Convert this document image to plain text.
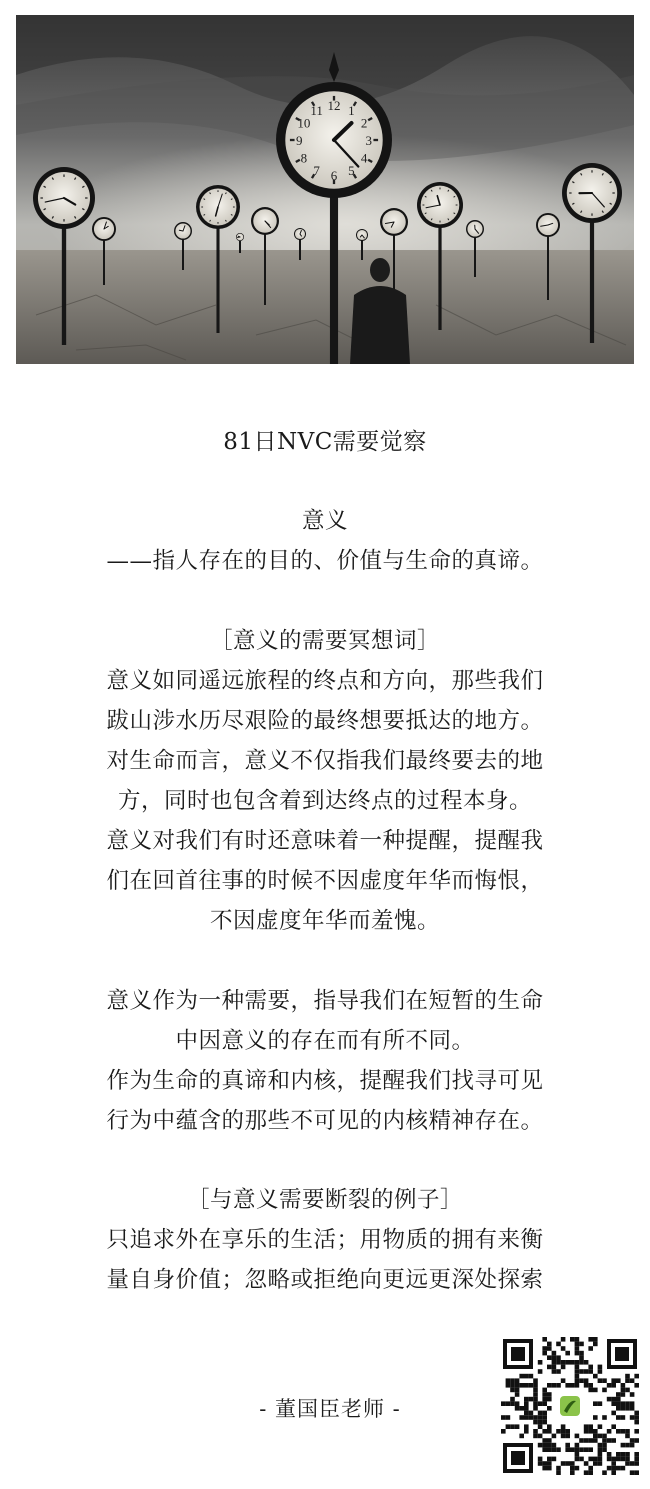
12 1
2
3
4
5
6
7
8
9
10
11
81日NVC需要觉察
意义
——指人存在的目的、价值与生命的真谛。
［意义的需要冥想词］
意义如同遥远旅程的终点和方向，那些我们
跋山涉水历尽艰险的最终想要抵达的地方。
对生命而言，意义不仅指我们最终要去的地
方，同时也包含着到达终点的过程本身。
意义对我们有时还意味着一种提醒，提醒我
们在回首往事的时候不因虚度年华而悔恨，
不因虚度年华而羞愧。
意义作为一种需要，指导我们在短暂的生命
中因意义的存在而有所不同。
作为生命的真谛和内核，提醒我们找寻可见
行为中蕴含的那些不可见的内核精神存在。
［与意义需要断裂的例子］
只追求外在享乐的生活；用物质的拥有来衡
量自身价值；忽略或拒绝向更远更深处探索
- 董国臣老师 -
